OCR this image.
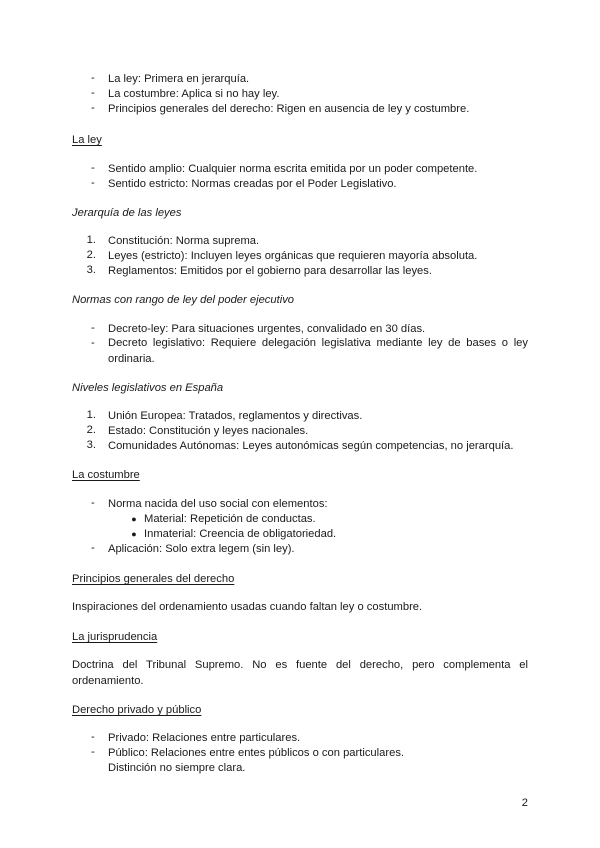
-	La ley: Primera en jerarquía.
-	La costumbre: Aplica si no hay ley.
-	Principios generales del derecho: Rigen en ausencia de ley y costumbre.
La ley
-	Sentido amplio: Cualquier norma escrita emitida por un poder competente.
-	Sentido estricto: Normas creadas por el Poder Legislativo.
Jerarquía de las leyes
1. Constitución: Norma suprema.
2. Leyes (estricto): Incluyen leyes orgánicas que requieren mayoría absoluta.
3. Reglamentos: Emitidos por el gobierno para desarrollar las leyes.
Normas con rango de ley del poder ejecutivo
-	Decreto-ley: Para situaciones urgentes, convalidado en 30 días.
-	Decreto legislativo: Requiere delegación legislativa mediante ley de bases o ley ordinaria.
Niveles legislativos en España
1. Unión Europea: Tratados, reglamentos y directivas.
2. Estado: Constitución y leyes nacionales.
3. Comunidades Autónomas: Leyes autonómicas según competencias, no jerarquía.
La costumbre
-	Norma nacida del uso social con elementos:
● Material: Repetición de conductas.
● Inmaterial: Creencia de obligatoriedad.
-	Aplicación: Solo extra legem (sin ley).
Principios generales del derecho
Inspiraciones del ordenamiento usadas cuando faltan ley o costumbre.
La jurisprudencia
Doctrina del Tribunal Supremo. No es fuente del derecho, pero complementa el ordenamiento.
Derecho privado y público
-	Privado: Relaciones entre particulares.
-	Público: Relaciones entre entes públicos o con particulares.
Distinción no siempre clara.
2
